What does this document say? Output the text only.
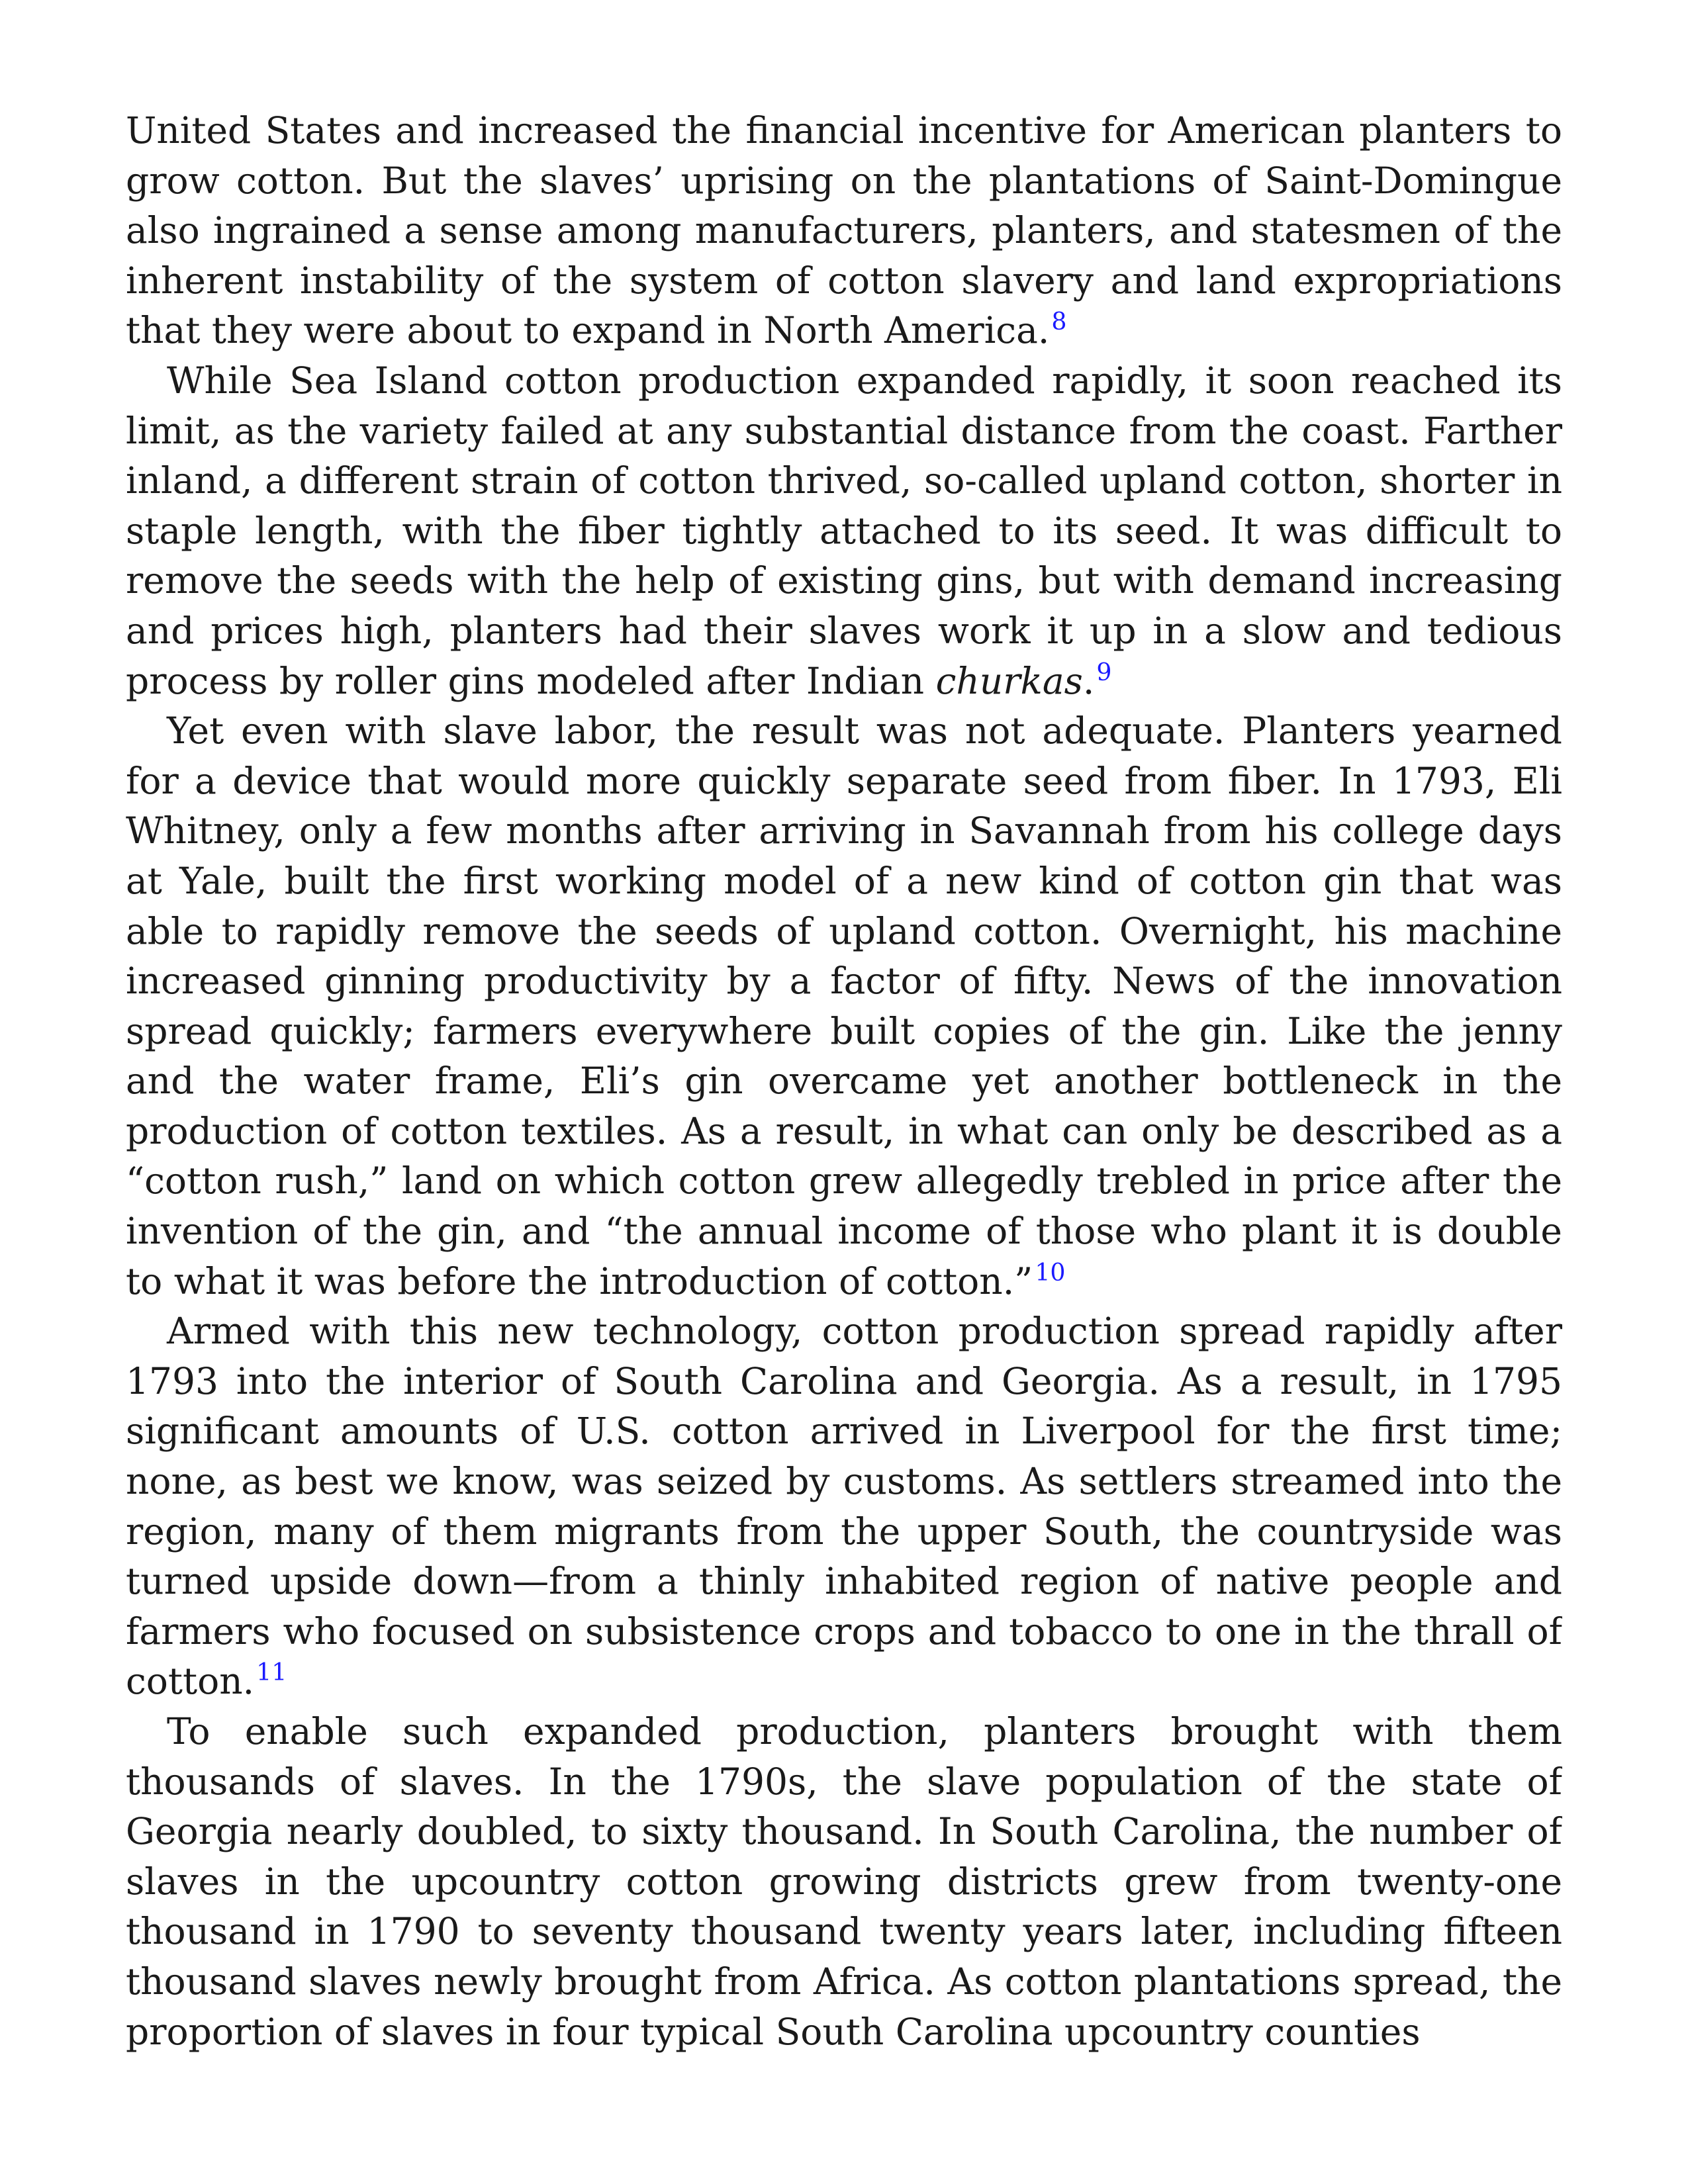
United States and increased the financial incentive for American planters to grow cotton. But the slaves’ uprising on the plantations of Saint-Domingue also ingrained a sense among manufacturers, planters, and statesmen of the inherent instability of the system of cotton slavery and land expropriations that they were about to expand in North America.$^8$

While Sea Island cotton production expanded rapidly, it soon reached its limit, as the variety failed at any substantial distance from the coast. Farther inland, a different strain of cotton thrived, so-called upland cotton, shorter in staple length, with the fiber tightly attached to its seed. It was difficult to remove the seeds with the help of existing gins, but with demand increasing and prices high, planters had their slaves work it up in a slow and tedious process by roller gins modeled after Indian churkas.$^9$

Yet even with slave labor, the result was not adequate. Planters yearned for a device that would more quickly separate seed from fiber. In 1793, Eli Whitney, only a few months after arriving in Savannah from his college days at Yale, built the first working model of a new kind of cotton gin that was able to rapidly remove the seeds of upland cotton. Overnight, his machine increased ginning productivity by a factor of fifty. News of the innovation spread quickly; farmers everywhere built copies of the gin. Like the jenny and the water frame, Eli’s gin overcame yet another bottleneck in the production of cotton textiles. As a result, in what can only be described as a “cotton rush,” land on which cotton grew allegedly trebled in price after the invention of the gin, and “the annual income of those who plant it is double to what it was before the introduction of cotton.”$^{10}$

Armed with this new technology, cotton production spread rapidly after 1793 into the interior of South Carolina and Georgia. As a result, in 1795 significant amounts of U.S. cotton arrived in Liverpool for the first time; none, as best we know, was seized by customs. As settlers streamed into the region, many of them migrants from the upper South, the countryside was turned upside down—from a thinly inhabited region of native people and farmers who focused on subsistence crops and tobacco to one in the thrall of cotton.$^{11}$

To enable such expanded production, planters brought with them thousands of slaves. In the 1790s, the slave population of the state of Georgia nearly doubled, to sixty thousand. In South Carolina, the number of slaves in the upcountry cotton growing districts grew from twenty-one thousand in 1790 to seventy thousand twenty years later, including fifteen thousand slaves newly brought from Africa. As cotton plantations spread, the proportion of slaves in four typical South Carolina upcountry counties
